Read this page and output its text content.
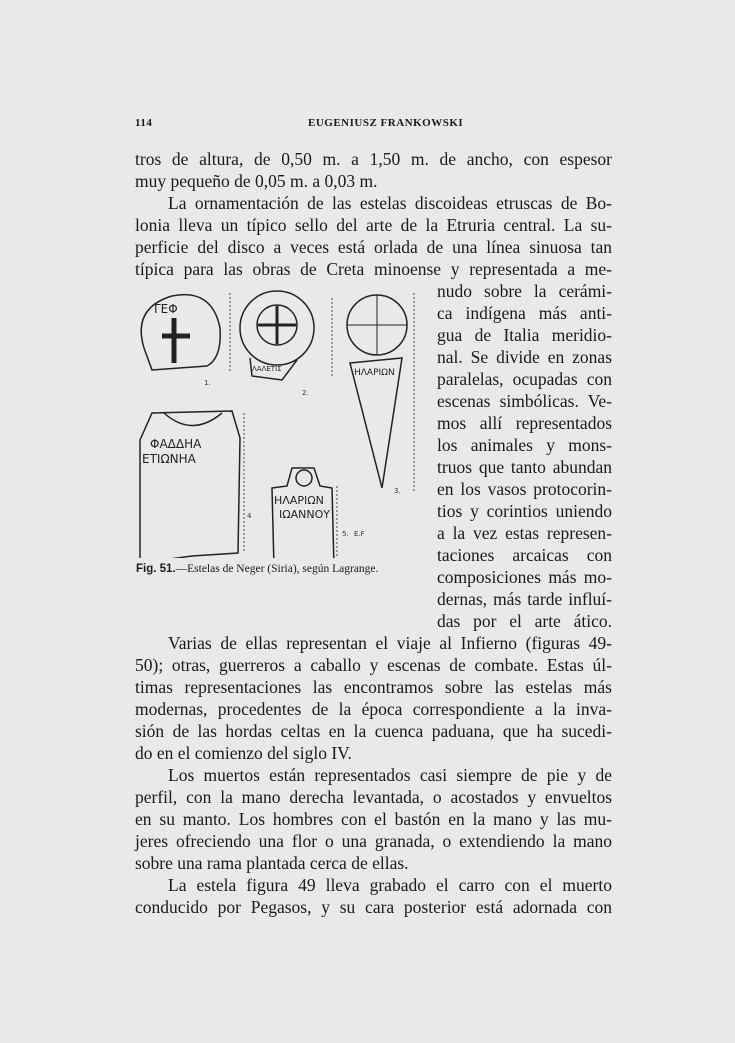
114	EUGENIUSZ FRANKOWSKI
tros de altura, de 0,50 m. a 1,50 m. de ancho, con espesor
muy pequeño de 0,05 m. a 0,03 m.
La ornamentación de las estelas discoideas etruscas de Bo-
lonia lleva un típico sello del arte de la Etruria central. La su-
perficie del disco a veces está orlada de una línea sinuosa tan
típica para las obras de Creta minoense y representada a me-
nudo sobre la cerámi-
ca indígena más anti-
gua de Italia meridio-
nal. Se divide en zonas
paralelas, ocupadas con
escenas simbólicas. Ve-
mos allí representados
los animales y mons-
truos que tanto abundan
en los vasos protocorin-
tios y corintios uniendo
a la vez estas represen-
taciones arcaicas con
composiciones más mo-
dernas, más tarde influí-
das por el arte ático.
ΓΕΦ
ΛΑΛΕΤΙΣ	ΗΛΑΡΙΩΝ
ΦΑΔΔΗΑ
ΕΤΙΩΝΗΑ
ΗΛΑΡΙΩΝ
ΙΩΑΝΝΟΥ
1.
2.
3.
4
5. E.F
Fig. 51.—Estelas de Neger (Siria), según Lagrange.
Varias de ellas representan el viaje al Infierno (figuras 49-
50); otras, guerreros a caballo y escenas de combate. Estas úl-
timas representaciones las encontramos sobre las estelas más
modernas, procedentes de la época correspondiente a la inva-
sión de las hordas celtas en la cuenca paduana, que ha sucedi-
do en el comienzo del siglo IV.
Los muertos están representados casi siempre de pie y de
perfil, con la mano derecha levantada, o acostados y envueltos
en su manto. Los hombres con el bastón en la mano y las mu-
jeres ofreciendo una flor o una granada, o extendiendo la mano
sobre una rama plantada cerca de ellas.
La estela figura 49 lleva grabado el carro con el muerto
conducido por Pegasos, y su cara posterior está adornada con
